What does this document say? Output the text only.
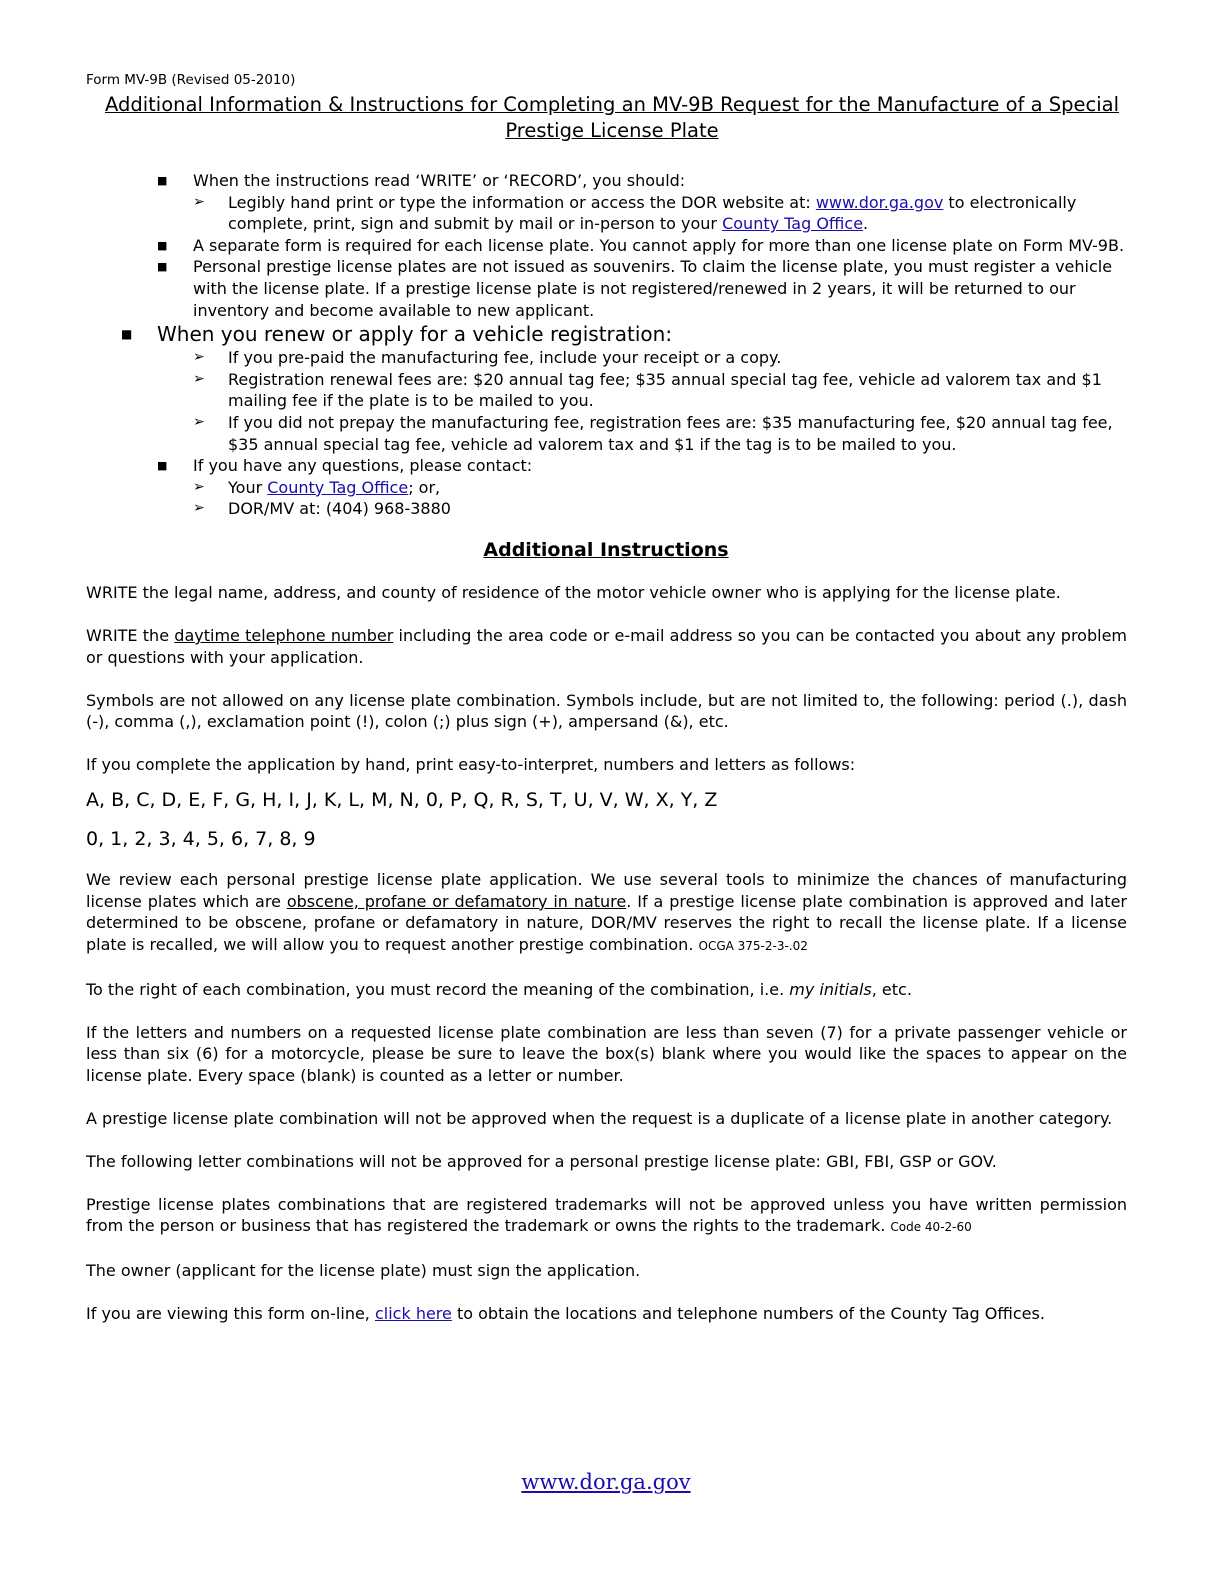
Form MV-9B (Revised 05-2010)
Additional Information & Instructions for Completing an MV-9B Request for the Manufacture of a Special Prestige License Plate
■ When the instructions read ‘WRITE’ or ‘RECORD’, you should:
➢ Legibly hand print or type the information or access the DOR website at: www.dor.ga.gov to electronically complete, print, sign and submit by mail or in-person to your County Tag Office.
■ A separate form is required for each license plate. You cannot apply for more than one license plate on Form MV-9B.
■ Personal prestige license plates are not issued as souvenirs. To claim the license plate, you must register a vehicle with the license plate. If a prestige license plate is not registered/renewed in 2 years, it will be returned to our inventory and become available to new applicant.
■ When you renew or apply for a vehicle registration:
➢ If you pre-paid the manufacturing fee, include your receipt or a copy.
➢ Registration renewal fees are: $20 annual tag fee; $35 annual special tag fee, vehicle ad valorem tax and $1 mailing fee if the plate is to be mailed to you.
➢ If you did not prepay the manufacturing fee, registration fees are: $35 manufacturing fee, $20 annual tag fee, $35 annual special tag fee, vehicle ad valorem tax and $1 if the tag is to be mailed to you.
■ If you have any questions, please contact:
➢ Your County Tag Office; or,
➢ DOR/MV at: (404) 968-3880
Additional Instructions

WRITE the legal name, address, and county of residence of the motor vehicle owner who is applying for the license plate.

WRITE the daytime telephone number including the area code or e-mail address so you can be contacted you about any problem or questions with your application.

Symbols are not allowed on any license plate combination. Symbols include, but are not limited to, the following: period (.), dash (-), comma (,), exclamation point (!), colon (;) plus sign (+), ampersand (&), etc.

If you complete the application by hand, print easy-to-interpret, numbers and letters as follows:

A, B, C, D, E, F, G, H, I, J, K, L, M, N, 0, P, Q, R, S, T, U, V, W, X, Y, Z

0, 1, 2, 3, 4, 5, 6, 7, 8, 9

We review each personal prestige license plate application. We use several tools to minimize the chances of manufacturing license plates which are obscene, profane or defamatory in nature. If a prestige license plate combination is approved and later determined to be obscene, profane or defamatory in nature, DOR/MV reserves the right to recall the license plate. If a license plate is recalled, we will allow you to request another prestige combination. OCGA 375-2-3-.02

To the right of each combination, you must record the meaning of the combination, i.e. my initials, etc.

If the letters and numbers on a requested license plate combination are less than seven (7) for a private passenger vehicle or less than six (6) for a motorcycle, please be sure to leave the box(s) blank where you would like the spaces to appear on the license plate. Every space (blank) is counted as a letter or number.

A prestige license plate combination will not be approved when the request is a duplicate of a license plate in another category.

The following letter combinations will not be approved for a personal prestige license plate: GBI, FBI, GSP or GOV.

Prestige license plates combinations that are registered trademarks will not be approved unless you have written permission from the person or business that has registered the trademark or owns the rights to the trademark. Code 40-2-60

The owner (applicant for the license plate) must sign the application.

If you are viewing this form on-line, click here to obtain the locations and telephone numbers of the County Tag Offices.

www.dor.ga.gov
